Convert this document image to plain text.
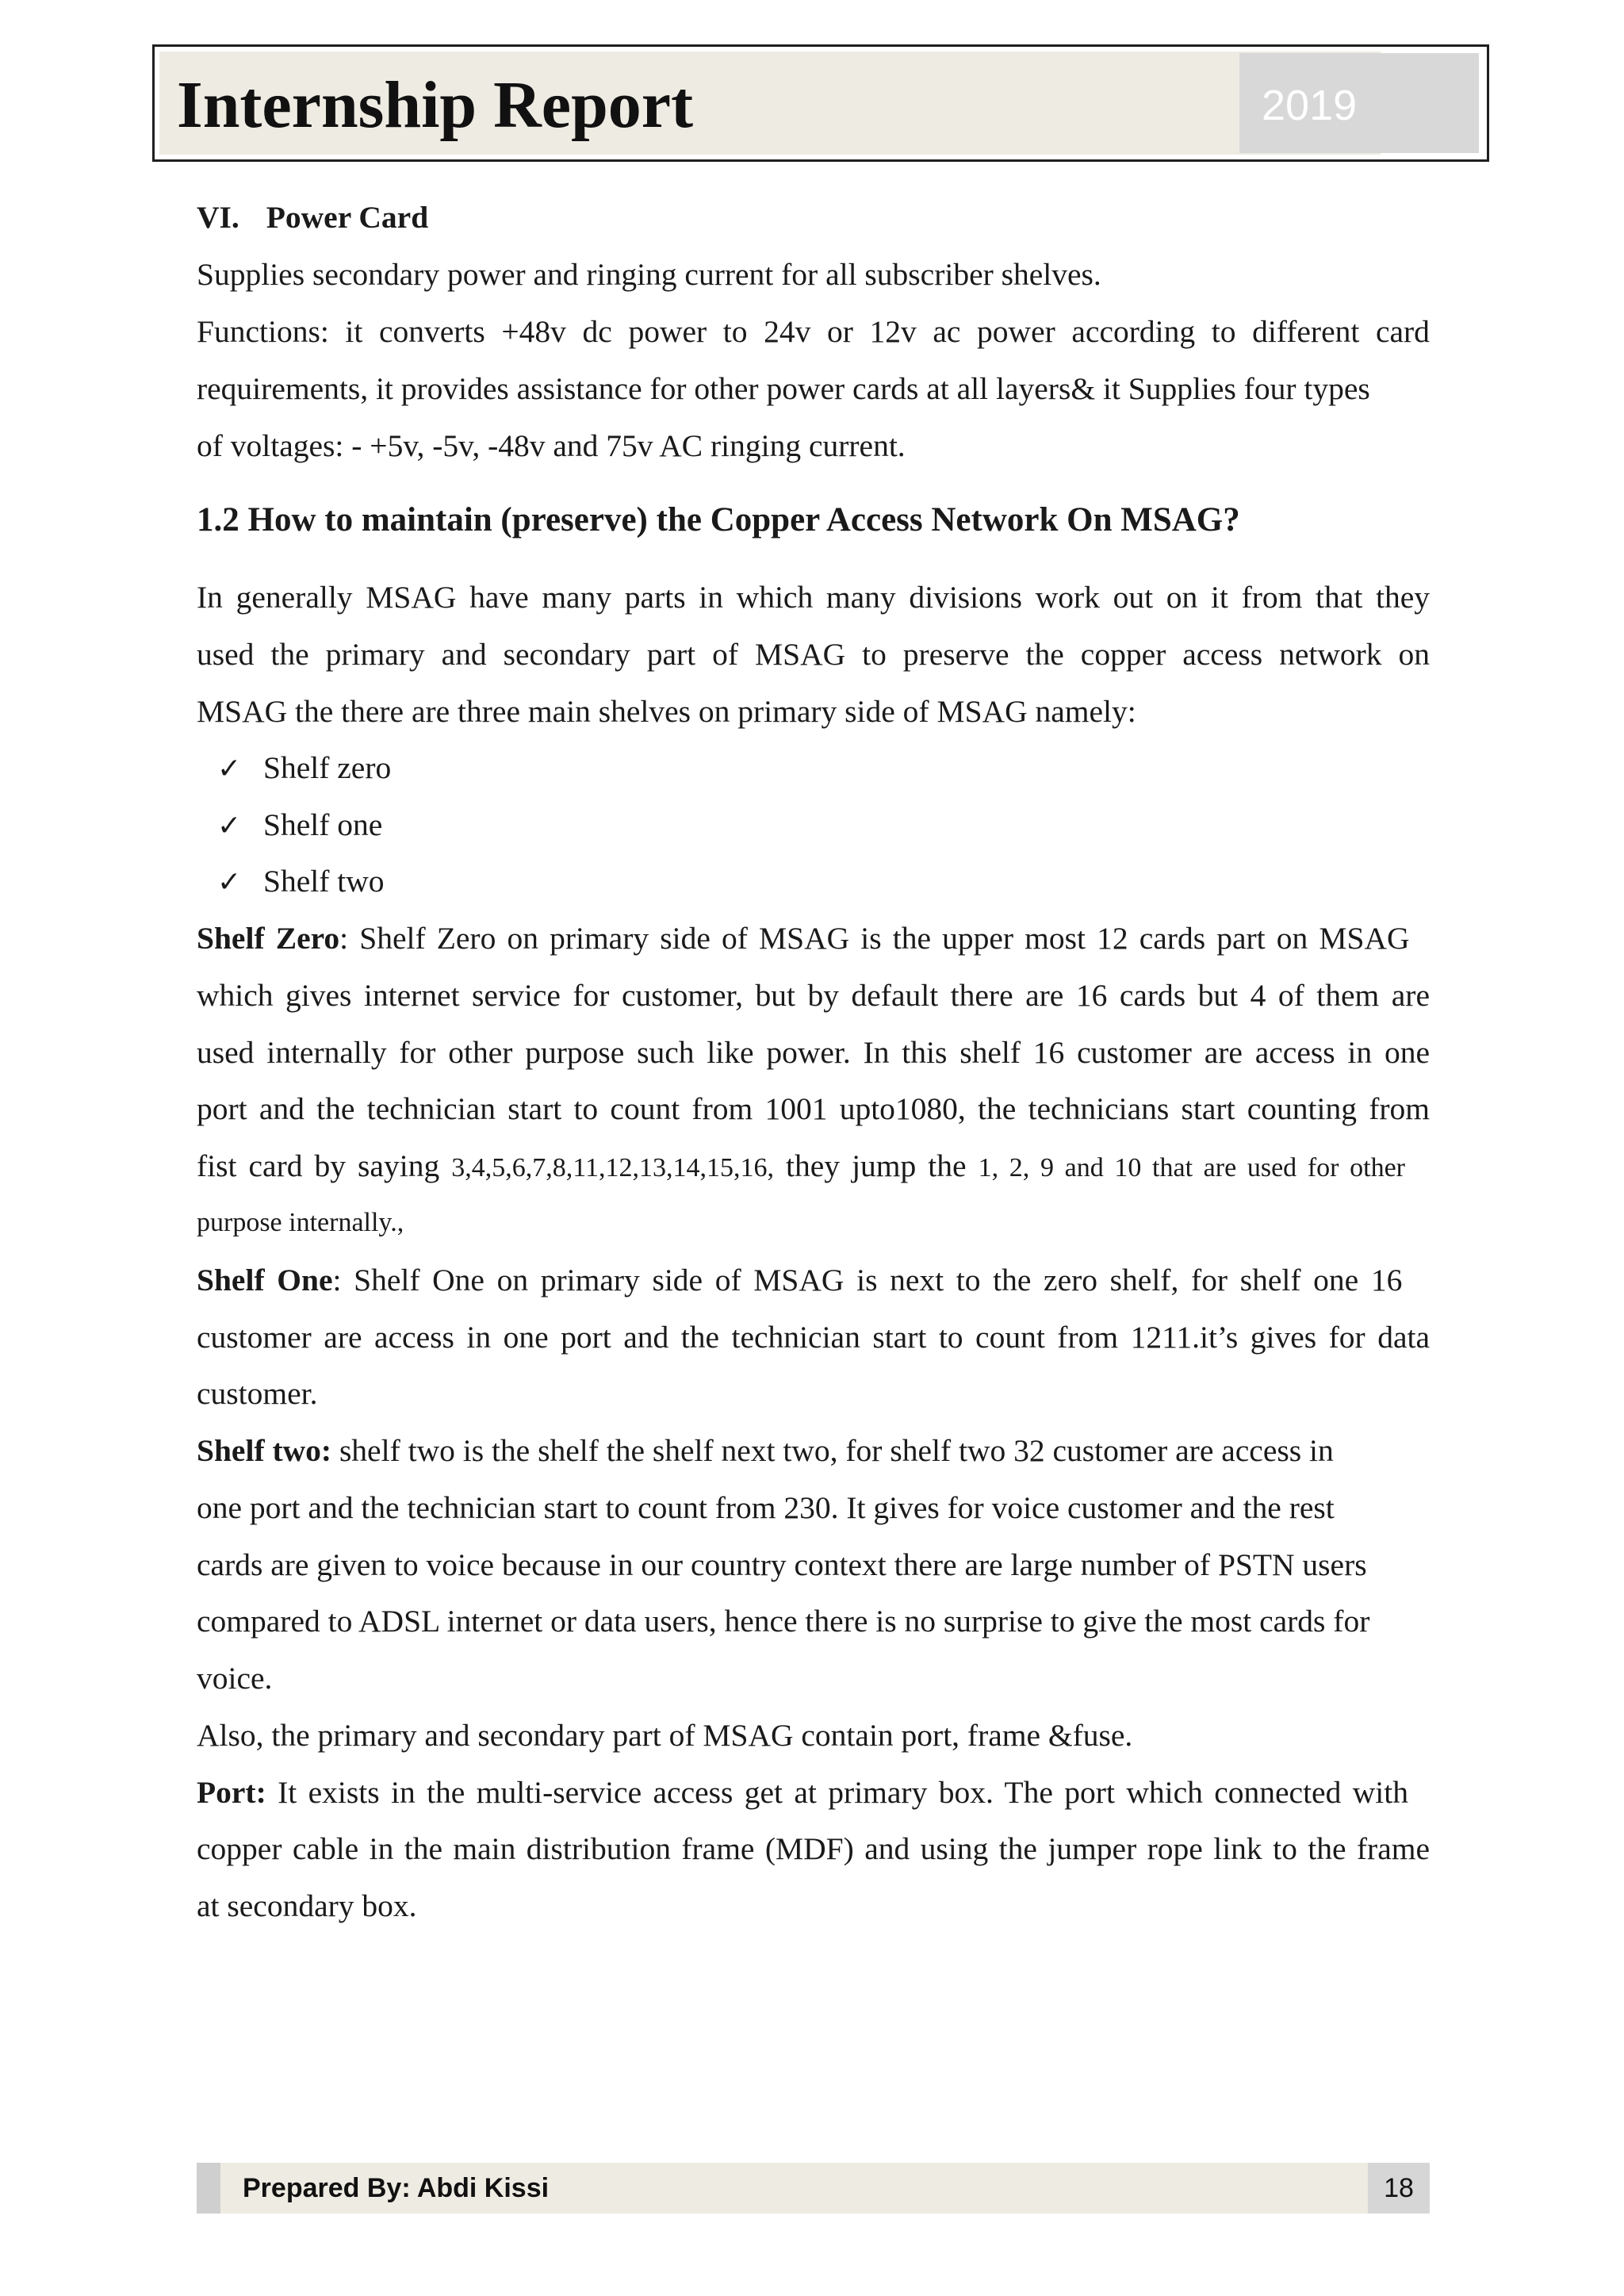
Internship Report	2019
VI. Power Card
Supplies secondary power and ringing current for all subscriber shelves.
Functions: it converts +48v dc power to 24v or 12v ac power according to different card
requirements, it provides assistance for other power cards at all layers& it Supplies four types
of voltages: - +5v, -5v, -48v and 75v AC ringing current.
1.2 How to maintain (preserve) the Copper Access Network On MSAG?
In generally MSAG have many parts in which many divisions work out on it from that they
used the primary and secondary part of MSAG to preserve the copper access network on
MSAG the there are three main shelves on primary side of MSAG namely:
✓ Shelf zero
✓ Shelf one
✓ Shelf two
Shelf Zero: Shelf Zero on primary side of MSAG is the upper most 12 cards part on MSAG
which gives internet service for customer, but by default there are 16 cards but 4 of them are
used internally for other purpose such like power. In this shelf 16 customer are access in one
port and the technician start to count from 1001 upto1080, the technicians start counting from
fist card by saying 3,4,5,6,7,8,11,12,13,14,15,16, they jump the 1, 2, 9 and 10 that are used for other
purpose internally.,
Shelf One: Shelf One on primary side of MSAG is next to the zero shelf, for shelf one 16
customer are access in one port and the technician start to count from 1211.it’s gives for data
customer.
Shelf two: shelf two is the shelf the shelf next two, for shelf two 32 customer are access in
one port and the technician start to count from 230. It gives for voice customer and the rest
cards are given to voice because in our country context there are large number of PSTN users
compared to ADSL internet or data users, hence there is no surprise to give the most cards for
voice.
Also, the primary and secondary part of MSAG contain port, frame &fuse.
Port: It exists in the multi-service access get at primary box. The port which connected with
copper cable in the main distribution frame (MDF) and using the jumper rope link to the frame
at secondary box.
Prepared By: Abdi Kissi	18
